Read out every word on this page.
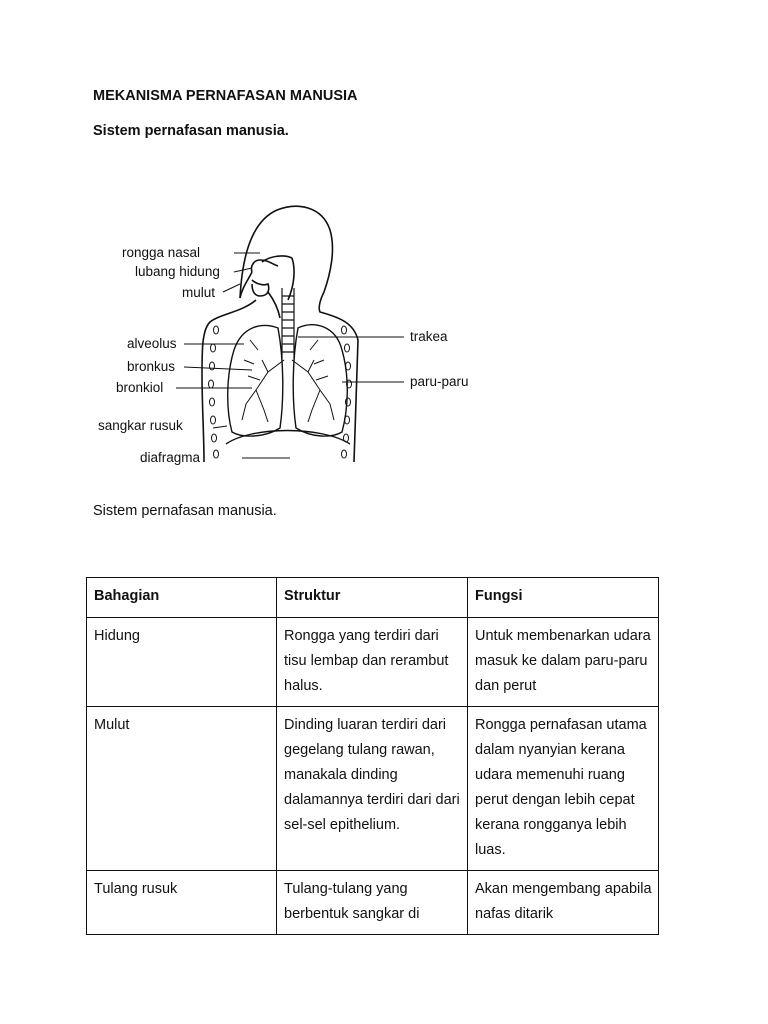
MEKANISMA PERNAFASAN MANUSIA
Sistem pernafasan manusia.
rongga nasal
lubang hidung
mulut
alveolus
bronkus
bronkiol
sangkar rusuk
diafragma
trakea
paru-paru
Sistem pernafasan manusia.
Bahagian	Struktur	Fungsi
Hidung	Rongga yang terdiri dari tisu lembap dan rerambut halus.	Untuk membenarkan udara masuk ke dalam paru-paru dan perut
Mulut	Dinding luaran terdiri dari gegelang tulang rawan, manakala dinding dalamannya terdiri dari dari sel-sel epithelium.	Rongga pernafasan utama dalam nyanyian kerana udara memenuhi ruang perut dengan lebih cepat kerana rongganya lebih luas.
Tulang rusuk	Tulang-tulang yang berbentuk sangkar di	Akan mengembang apabila nafas ditarik
